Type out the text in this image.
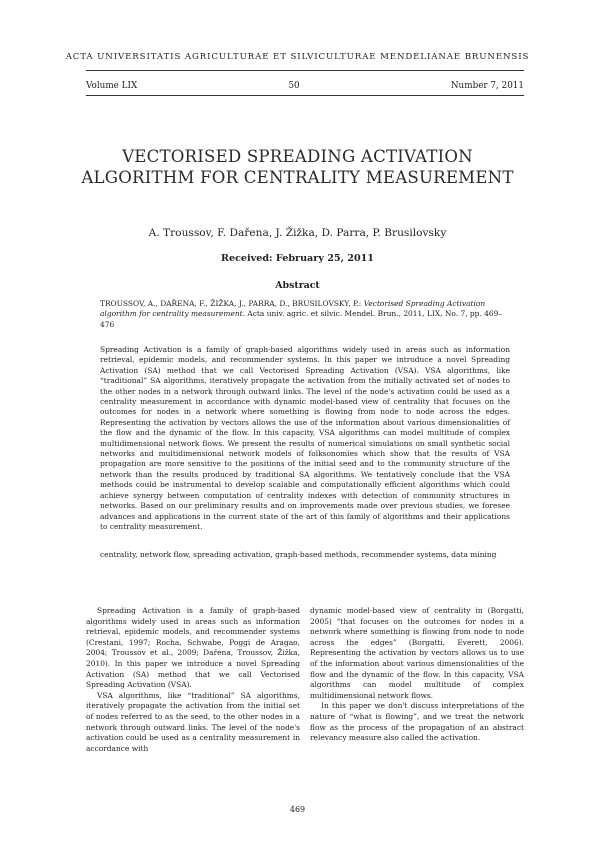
ACTA UNIVERSITATIS AGRICULTURAE ET SILVICULTURAE MENDELIANAE BRUNENSIS
Volume LIX	50	Number 7, 2011
VECTORISED SPREADING ACTIVATION
ALGORITHM FOR CENTRALITY MEASUREMENT
A. Troussov, F. Dařena, J. Žižka, D. Parra, P. Brusilovsky
Received: February 25, 2011
Abstract
TROUSSOV, A., DAŘENA, F., ŽIŽKA, J., PARRA, D., BRUSILOVSKY, P.: Vectorised Spreading Activation algorithm for centrality measurement. Acta univ. agric. et silvic. Mendel. Brun., 2011, LIX, No. 7, pp. 469–476

Spreading Activation is a family of graph-based algorithms widely used in areas such as information retrieval, epidemic models, and recommender systems. In this paper we introduce a novel Spreading Activation (SA) method that we call Vectorised Spreading Activation (VSA). VSA algorithms, like “traditional” SA algorithms, iteratively propagate the activation from the initially activated set of nodes to the other nodes in a network through outward links. The level of the node's activation could be used as a centrality measurement in accordance with dynamic model-based view of centrality that focuses on the outcomes for nodes in a network where something is flowing from node to node across the edges. Representing the activation by vectors allows the use of the information about various dimensionalities of the flow and the dynamic of the flow. In this capacity, VSA algorithms can model multitude of complex multidimensional network flows. We present the results of numerical simulations on small synthetic social networks and multidimensional network models of folksonomies which show that the results of VSA propagation are more sensitive to the positions of the initial seed and to the community structure of the network than the results produced by traditional SA algorithms. We tentatively conclude that the VSA methods could be instrumental to develop scalable and computationally efficient algorithms which could achieve synergy between computation of centrality indexes with detection of community structures in networks. Based on our preliminary results and on improvements made over previous studies, we foresee advances and applications in the current state of the art of this family of algorithms and their applications to centrality measurement.

centrality, network flow, spreading activation, graph-based methods, recommender systems, data mining

Spreading Activation is a family of graph-based algorithms widely used in areas such as information retrieval, epidemic models, and recommender systems (Crestani, 1997; Rocha, Schwabe, Poggi de Aragao, 2004; Troussov et al., 2009; Dařena, Troussov, Žižka, 2010). In this paper we introduce a novel Spreading Activation (SA) method that we call Vectorised Spreading Activation (VSA).

VSA algorithms, like “traditional” SA algorithms, iteratively propagate the activation from the initial set of nodes referred to as the seed, to the other nodes in a network through outward links. The level of the node's activation could be used as a centrality measurement in accordance with

dynamic model-based view of centrality in (Borgatti, 2005) “that focuses on the outcomes for nodes in a network where something is flowing from node to node across the edges” (Borgatti, Everett, 2006). Representing the activation by vectors allows us to use of the information about various dimensionalities of the flow and the dynamic of the flow. In this capacity, VSA algorithms can model multitude of complex multidimensional network flows.

In this paper we don't discuss interpretations of the nature of “what is flowing”, and we treat the network flow as the process of the propagation of an abstract relevancy measure also called the activation.

469
